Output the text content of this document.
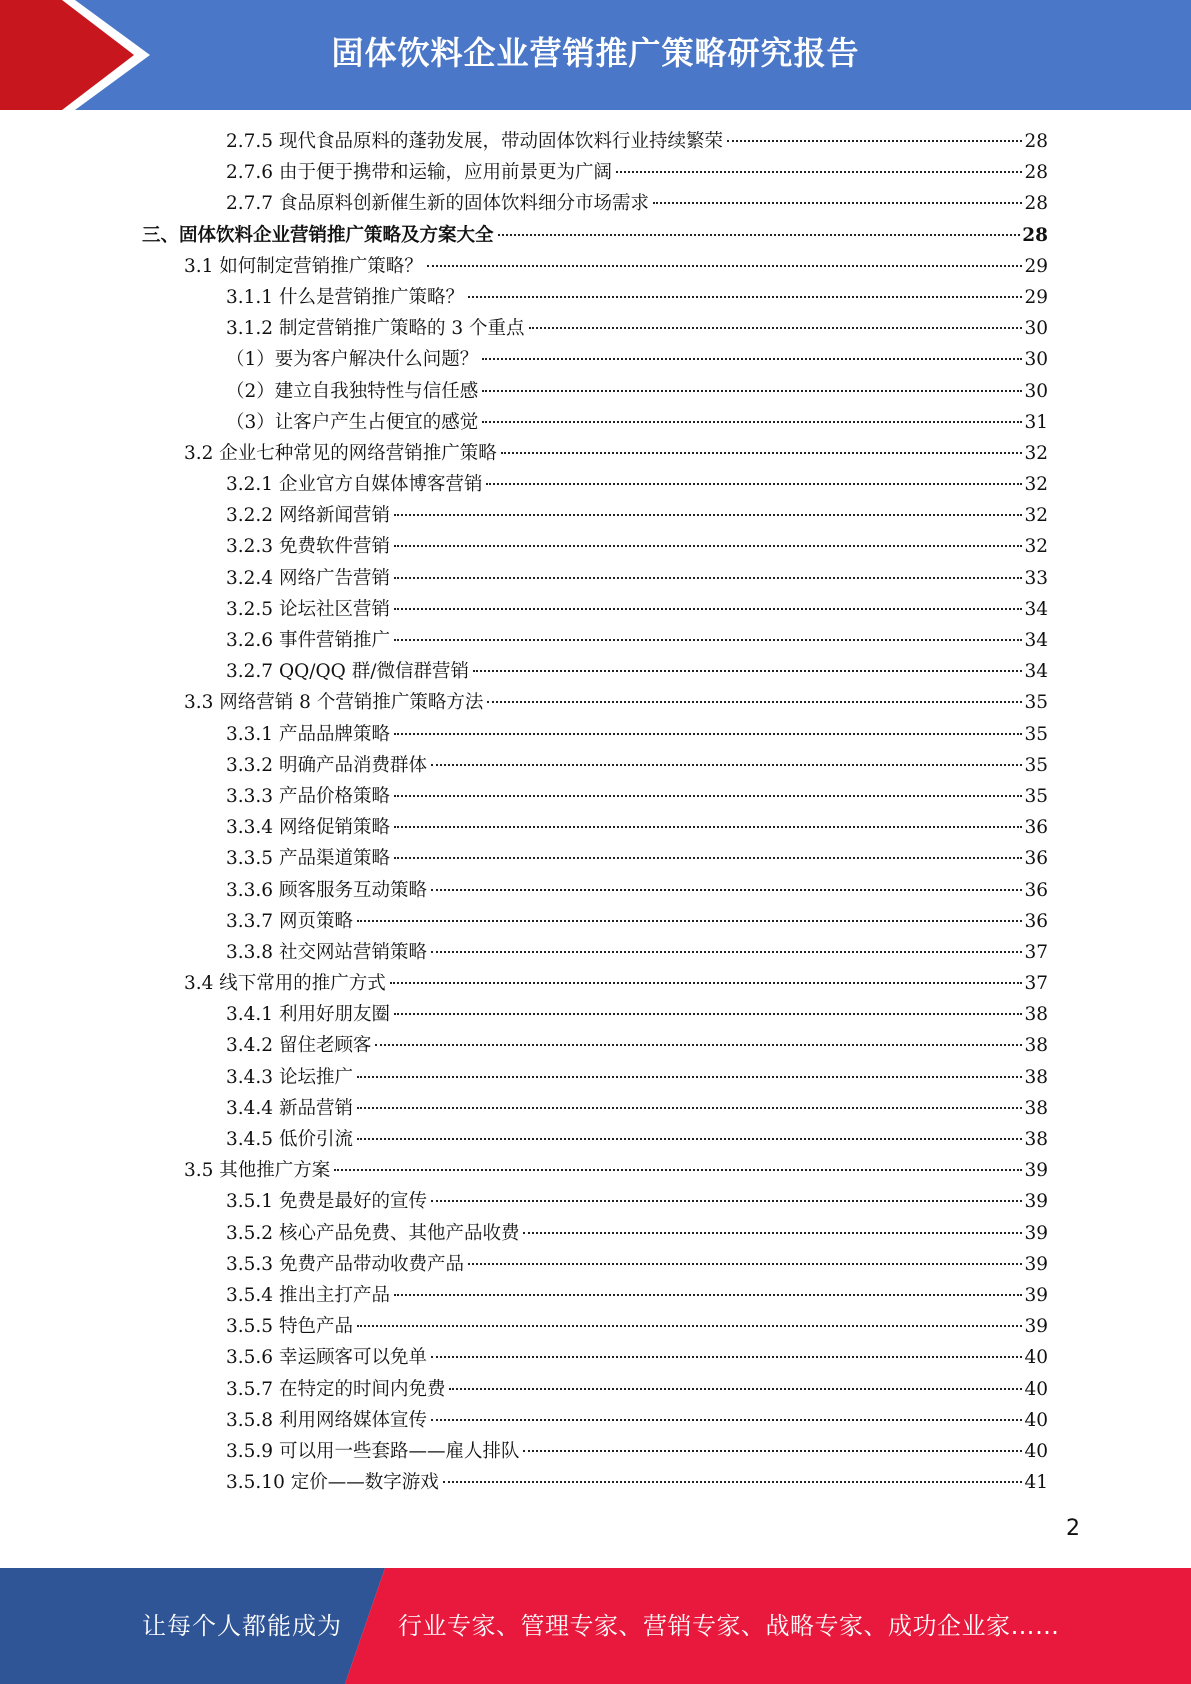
固体饮料企业营销推广策略研究报告
2.7.5 现代食品原料的蓬勃发展，带动固体饮料行业持续繁荣	28
2.7.6 由于便于携带和运输，应用前景更为广阔	28
2.7.7 食品原料创新催生新的固体饮料细分市场需求	28
三、固体饮料企业营销推广策略及方案大全	28
3.1 如何制定营销推广策略？	29
3.1.1 什么是营销推广策略？	29
3.1.2 制定营销推广策略的 3 个重点	30
（1）要为客户解决什么问题？	30
（2）建立自我独特性与信任感	30
（3）让客户产生占便宜的感觉	31
3.2 企业七种常见的网络营销推广策略	32
3.2.1 企业官方自媒体博客营销	32
3.2.2 网络新闻营销	32
3.2.3 免费软件营销	32
3.2.4 网络广告营销	33
3.2.5 论坛社区营销	34
3.2.6 事件营销推广	34
3.2.7 QQ/QQ 群/微信群营销	34
3.3 网络营销 8 个营销推广策略方法	35
3.3.1 产品品牌策略	35
3.3.2 明确产品消费群体	35
3.3.3 产品价格策略	35
3.3.4 网络促销策略	36
3.3.5 产品渠道策略	36
3.3.6 顾客服务互动策略	36
3.3.7 网页策略	36
3.3.8 社交网站营销策略	37
3.4 线下常用的推广方式	37
3.4.1 利用好朋友圈	38
3.4.2 留住老顾客	38
3.4.3 论坛推广	38
3.4.4 新品营销	38
3.4.5 低价引流	38
3.5 其他推广方案	39
3.5.1 免费是最好的宣传	39
3.5.2 核心产品免费、其他产品收费	39
3.5.3 免费产品带动收费产品	39
3.5.4 推出主打产品	39
3.5.5 特色产品	39
3.5.6 幸运顾客可以免单	40
3.5.7 在特定的时间内免费	40
3.5.8 利用网络媒体宣传	40
3.5.9 可以用一些套路——雇人排队	40
3.5.10 定价——数字游戏	41
2
让每个人都能成为 行业专家、管理专家、营销专家、战略专家、成功企业家……
